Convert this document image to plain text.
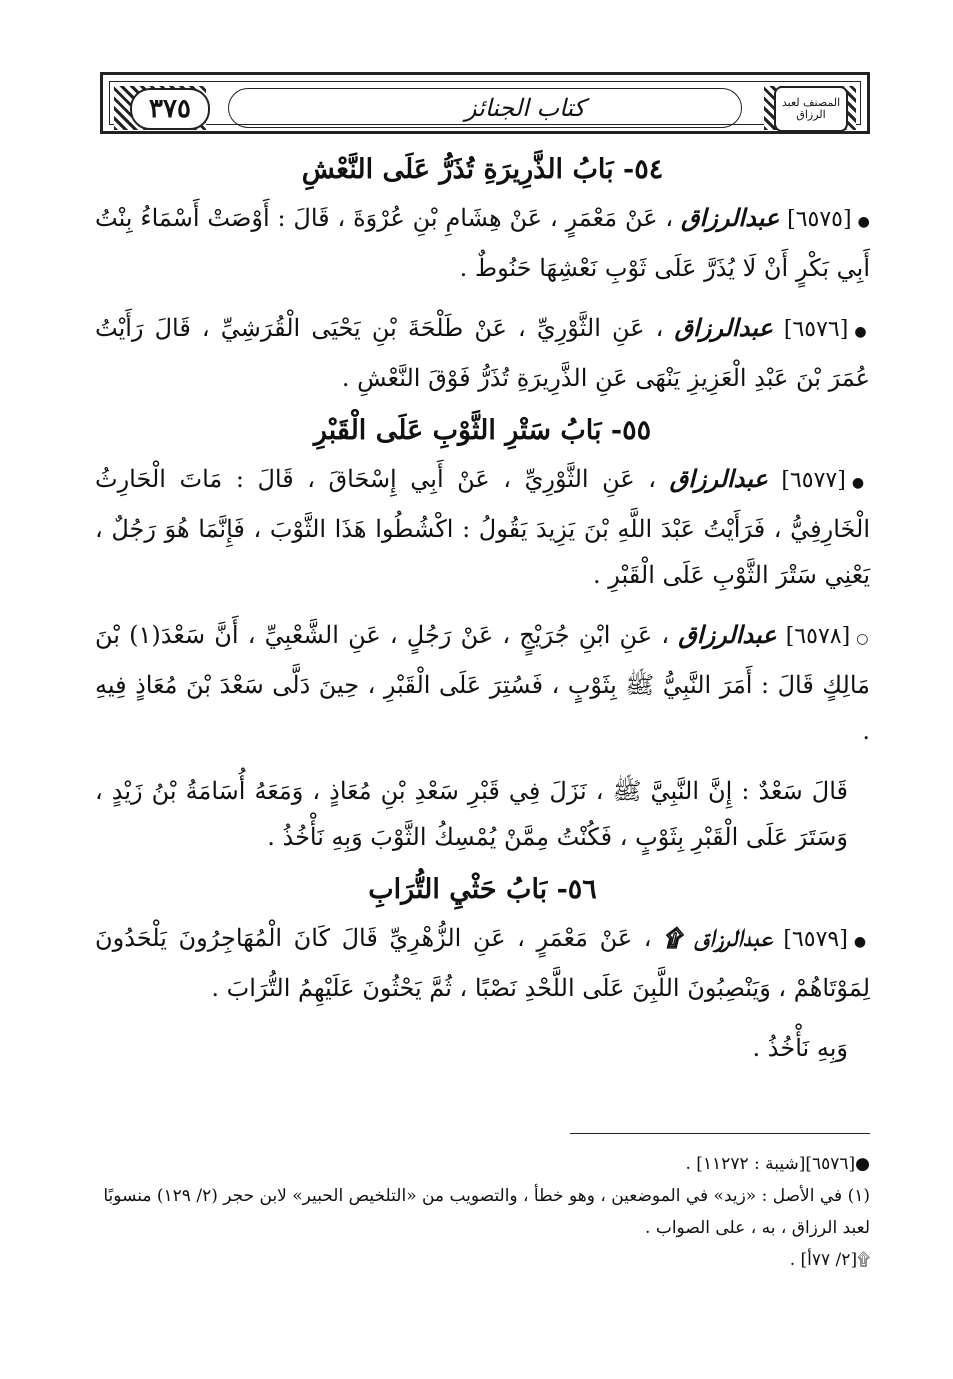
٣٧٥	كتاب الجنائز	المصنف لعبد الرزاق
٥٤- بَابُ الذَّرِيرَةِ تُذَرُّ عَلَى النَّعْشِ

●[٦٥٧٥] عبدالرزاق ، عَنْ مَعْمَرٍ ، عَنْ هِشَامِ بْنِ عُرْوَةَ ، قَالَ : أَوْصَتْ أَسْمَاءُ بِنْتُ أَبِي بَكْرٍ أَنْ لَا يُذَرَّ عَلَى ثَوْبِ نَعْشِهَا حَنُوطٌ .

●[٦٥٧٦] عبدالرزاق ، عَنِ الثَّوْرِيِّ ، عَنْ طَلْحَةَ بْنِ يَحْيَى الْقُرَشِيِّ ، قَالَ رَأَيْتُ عُمَرَ بْنَ عَبْدِ الْعَزِيزِ يَنْهَى عَنِ الذَّرِيرَةِ تُذَرُّ فَوْقَ النَّعْشِ .

٥٥- بَابُ سَتْرِ الثَّوْبِ عَلَى الْقَبْرِ

●[٦٥٧٧] عبدالرزاق ، عَنِ الثَّوْرِيِّ ، عَنْ أَبِي إِسْحَاقَ ، قَالَ : مَاتَ الْحَارِثُ الْخَارِفِيُّ ، فَرَأَيْتُ عَبْدَ اللَّهِ بْنَ يَزِيدَ يَقُولُ : اكْشُطُوا هَذَا الثَّوْبَ ، فَإِنَّمَا هُوَ رَجُلٌ ، يَعْنِي سَتْرَ الثَّوْبِ عَلَى الْقَبْرِ .

○[٦٥٧٨] عبدالرزاق ، عَنِ ابْنِ جُرَيْجٍ ، عَنْ رَجُلٍ ، عَنِ الشَّعْبِيِّ ، أَنَّ سَعْدَ(١) بْنَ مَالِكٍ قَالَ : أَمَرَ النَّبِيُّ ﷺ بِثَوْبٍ ، فَسُتِرَ عَلَى الْقَبْرِ ، حِينَ دَلَّى سَعْدَ بْنَ مُعَاذٍ فِيهِ .

قَالَ سَعْدٌ : إِنَّ النَّبِيَّ ﷺ ، نَزَلَ فِي قَبْرِ سَعْدِ بْنِ مُعَاذٍ ، وَمَعَهُ أُسَامَةُ بْنُ زَيْدٍ ، وَسَتَرَ عَلَى الْقَبْرِ بِثَوْبٍ ، فَكُنْتُ مِمَّنْ يُمْسِكُ الثَّوْبَ وَبِهِ نَأْخُذُ .

٥٦- بَابُ حَثْيِ التُّرَابِ

●[٦٥٧٩] عبدالرزاق ۩ ، عَنْ مَعْمَرٍ ، عَنِ الزُّهْرِيِّ قَالَ كَانَ الْمُهَاجِرُونَ يَلْحَدُونَ لِمَوْتَاهُمْ ، وَيَنْصِبُونَ اللَّبِنَ عَلَى اللَّحْدِ نَصْبًا ، ثُمَّ يَحْثُونَ عَلَيْهِمُ التُّرَابَ .

وَبِهِ نَأْخُذُ .

●[٦٥٧٦][شيبة : ١١٢٧٢] .
(١) في الأصل : «زيد» في الموضعين ، وهو خطأ ، والتصويب من «التلخيص الحبير» لابن حجر (٢/ ١٢٩) منسوبًا لعبد الرزاق ، به ، على الصواب .
۩[٢/ ٧٧أ] .
